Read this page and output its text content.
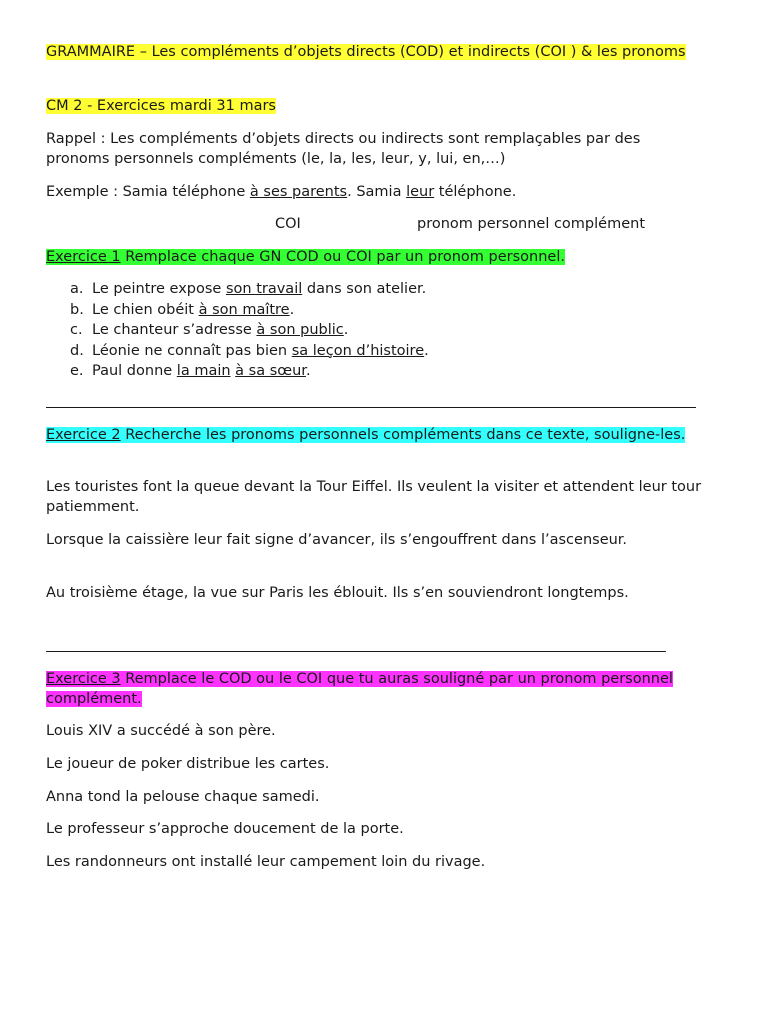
GRAMMAIRE – Les compléments d’objets directs (COD) et indirects (COI ) & les pronoms

CM 2 - Exercices mardi 31 mars

Rappel : Les compléments d’objets directs ou indirects sont remplaçables par des pronoms personnels compléments (le, la, les, leur, y, lui, en,…)

Exemple : Samia téléphone à ses parents. Samia leur téléphone.

COI	pronom personnel complément

Exercice 1 Remplace chaque GN COD ou COI par un pronom personnel.

a. Le peintre expose son travail dans son atelier.
b. Le chien obéit à son maître.
c. Le chanteur s’adresse à son public.
d. Léonie ne connaît pas bien sa leçon d’histoire.
e. Paul donne la main à sa sœur.

Exercice 2 Recherche les pronoms personnels compléments dans ce texte, souligne-les.

Les touristes font la queue devant la Tour Eiffel. Ils veulent la visiter et attendent leur tour patiemment.

Lorsque la caissière leur fait signe d’avancer, ils s’engouffrent dans l’ascenseur.

Au troisième étage, la vue sur Paris les éblouit. Ils s’en souviendront longtemps.

Exercice 3 Remplace le COD ou le COI que tu auras souligné par un pronom personnel complément.

Louis XIV a succédé à son père.

Le joueur de poker distribue les cartes.

Anna tond la pelouse chaque samedi.

Le professeur s’approche doucement de la porte.

Les randonneurs ont installé leur campement loin du rivage.
